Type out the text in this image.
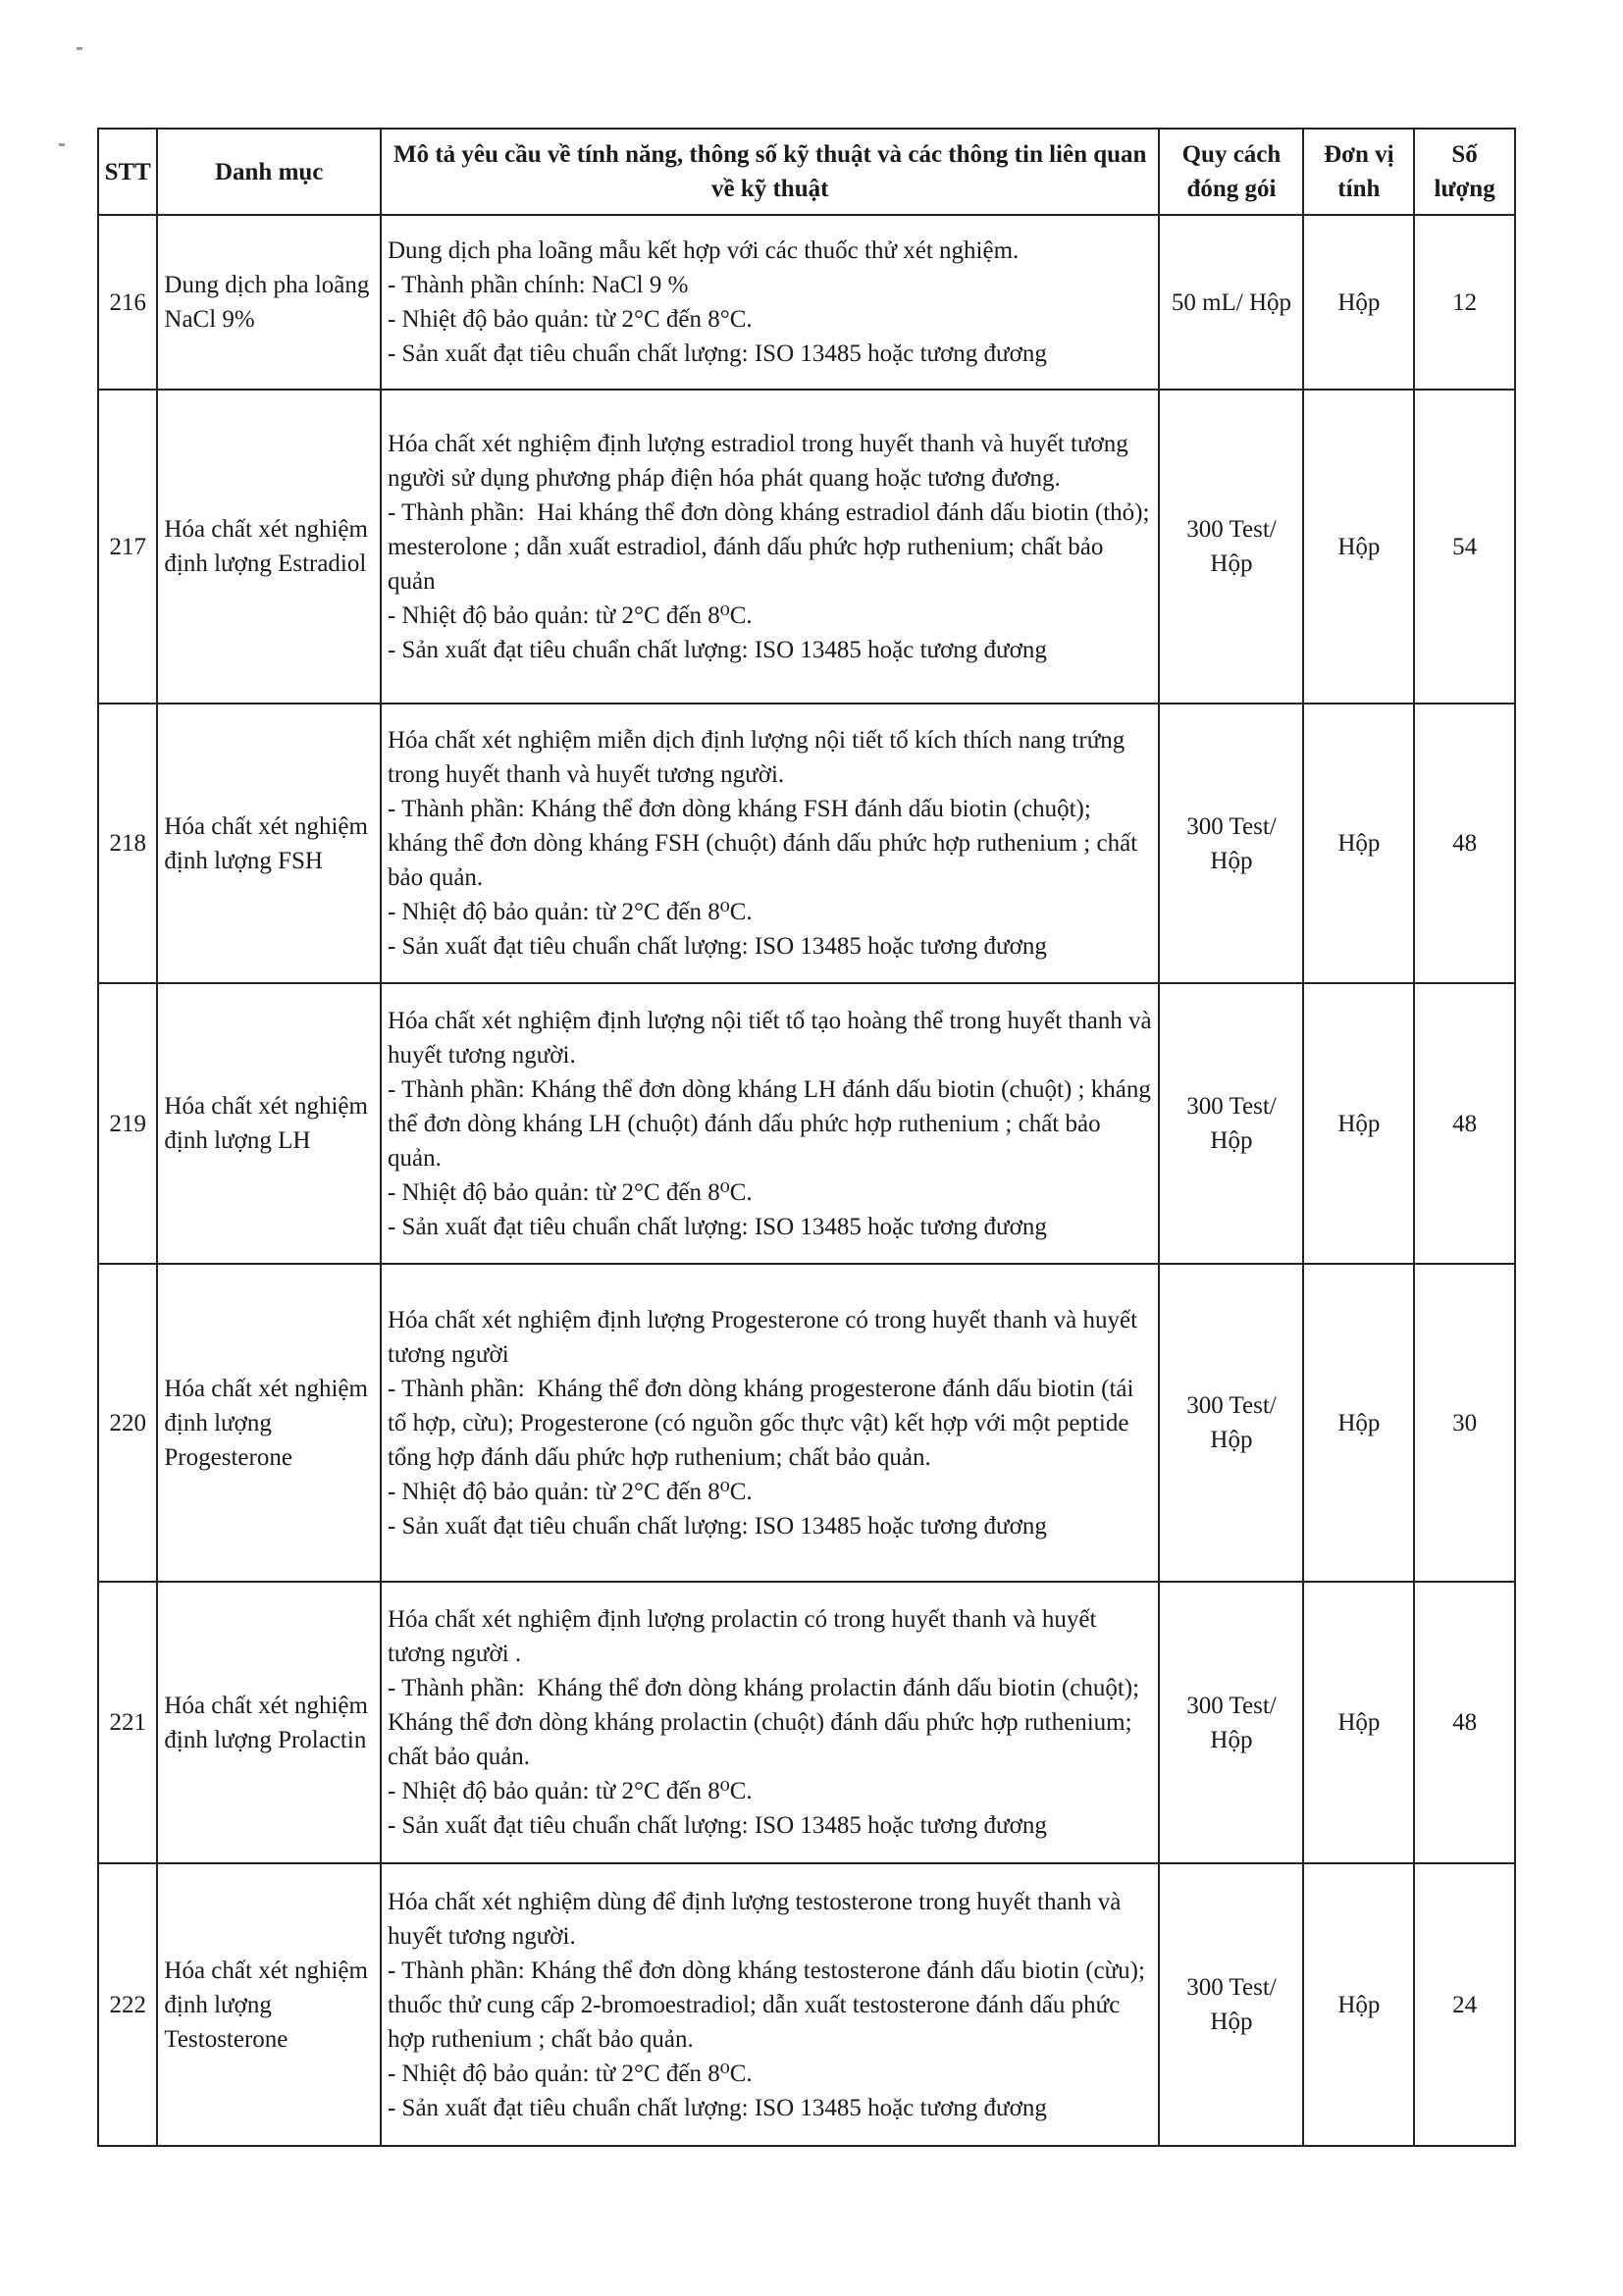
STT	Danh mục	Mô tả yêu cầu về tính năng, thông số kỹ thuật và các thông tin liên quan về kỹ thuật	Quy cách đóng gói	Đơn vị tính	Số lượng
216	Dung dịch pha loãng NaCl 9%	Dung dịch pha loãng mẫu kết hợp với các thuốc thử xét nghiệm.
- Thành phần chính: NaCl 9 %
- Nhiệt độ bảo quản: từ 2°C đến 8°C.
- Sản xuất đạt tiêu chuẩn chất lượng: ISO 13485 hoặc tương đương	50 mL/ Hộp	Hộp	12
217	Hóa chất xét nghiệm định lượng Estradiol	Hóa chất xét nghiệm định lượng estradiol trong huyết thanh và huyết tương người sử dụng phương pháp điện hóa phát quang hoặc tương đương.
- Thành phần:  Hai kháng thể đơn dòng kháng estradiol đánh dấu biotin (thỏ); mesterolone ; dẫn xuất estradiol, đánh dấu phức hợp ruthenium; chất bảo quản
- Nhiệt độ bảo quản: từ 2°C đến 8⁰C.
- Sản xuất đạt tiêu chuẩn chất lượng: ISO 13485 hoặc tương đương	300 Test/ Hộp	Hộp	54
218	Hóa chất xét nghiệm định lượng FSH	Hóa chất xét nghiệm miễn dịch định lượng nội tiết tố kích thích nang trứng trong huyết thanh và huyết tương người.
- Thành phần: Kháng thể đơn dòng kháng FSH đánh dấu biotin (chuột); kháng thể đơn dòng kháng FSH (chuột) đánh dấu phức hợp ruthenium ; chất bảo quản.
- Nhiệt độ bảo quản: từ 2°C đến 8⁰C.
- Sản xuất đạt tiêu chuẩn chất lượng: ISO 13485 hoặc tương đương	300 Test/ Hộp	Hộp	48
219	Hóa chất xét nghiệm định lượng LH	Hóa chất xét nghiệm định lượng nội tiết tố tạo hoàng thể trong huyết thanh và huyết tương người.
- Thành phần: Kháng thể đơn dòng kháng LH đánh dấu biotin (chuột) ; kháng thể đơn dòng kháng LH (chuột) đánh dấu phức hợp ruthenium ; chất bảo quản.
- Nhiệt độ bảo quản: từ 2°C đến 8⁰C.
- Sản xuất đạt tiêu chuẩn chất lượng: ISO 13485 hoặc tương đương	300 Test/ Hộp	Hộp	48
220	Hóa chất xét nghiệm định lượng Progesterone	Hóa chất xét nghiệm định lượng Progesterone có trong huyết thanh và huyết tương người
- Thành phần:  Kháng thể đơn dòng kháng progesterone đánh dấu biotin (tái tổ hợp, cừu); Progesterone (có nguồn gốc thực vật) kết hợp với một peptide tổng hợp đánh dấu phức hợp ruthenium; chất bảo quản.
- Nhiệt độ bảo quản: từ 2°C đến 8⁰C.
- Sản xuất đạt tiêu chuẩn chất lượng: ISO 13485 hoặc tương đương	300 Test/ Hộp	Hộp	30
221	Hóa chất xét nghiệm định lượng Prolactin	Hóa chất xét nghiệm định lượng prolactin có trong huyết thanh và huyết tương người .
- Thành phần:  Kháng thể đơn dòng kháng prolactin đánh dấu biotin (chuột); Kháng thể đơn dòng kháng prolactin (chuột) đánh dấu phức hợp ruthenium; chất bảo quản.
- Nhiệt độ bảo quản: từ 2°C đến 8⁰C.
- Sản xuất đạt tiêu chuẩn chất lượng: ISO 13485 hoặc tương đương	300 Test/ Hộp	Hộp	48
222	Hóa chất xét nghiệm định lượng Testosterone	Hóa chất xét nghiệm dùng để định lượng testosterone trong huyết thanh và huyết tương người.
- Thành phần: Kháng thể đơn dòng kháng testosterone đánh dấu biotin (cừu); thuốc thử cung cấp 2-bromoestradiol; dẫn xuất testosterone đánh dấu phức hợp ruthenium ; chất bảo quản.
- Nhiệt độ bảo quản: từ 2°C đến 8⁰C.
- Sản xuất đạt tiêu chuẩn chất lượng: ISO 13485 hoặc tương đương	300 Test/ Hộp	Hộp	24
